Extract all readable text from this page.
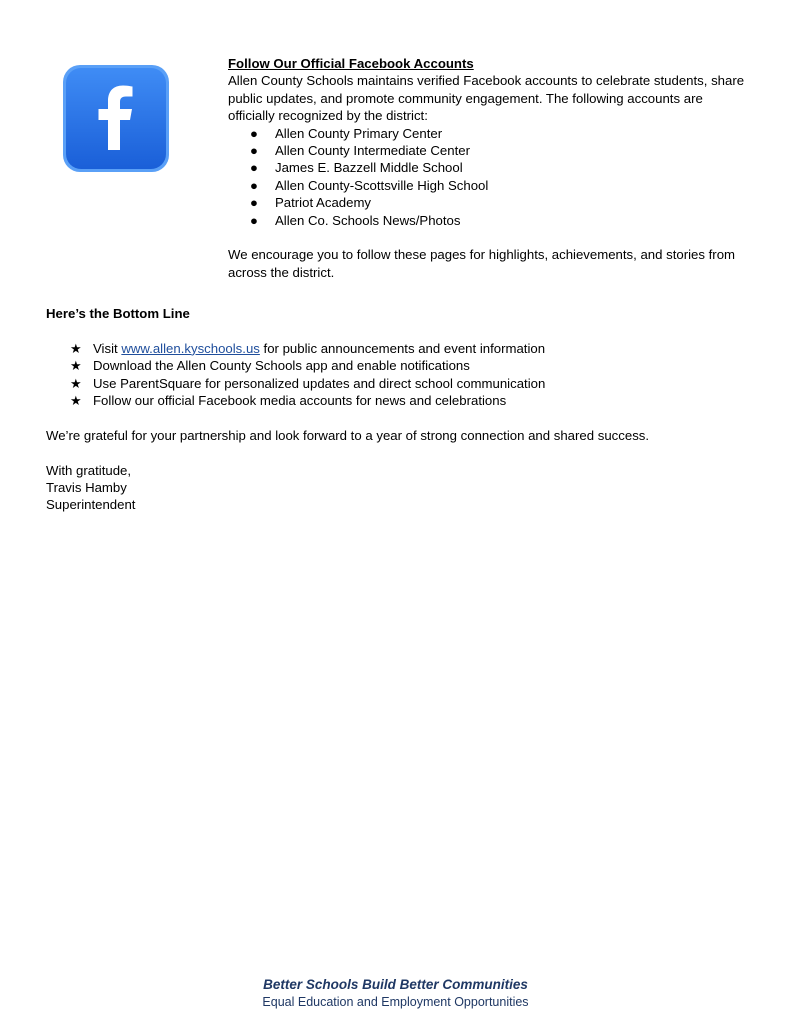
Follow Our Official Facebook Accounts

Allen County Schools maintains verified Facebook accounts to celebrate students, share public updates, and promote community engagement. The following accounts are officially recognized by the district:

●	Allen County Primary Center
●	Allen County Intermediate Center
●	James E. Bazzell Middle School
●	Allen County-Scottsville High School
●	Patriot Academy
●	Allen Co. Schools News/Photos

We encourage you to follow these pages for highlights, achievements, and stories from across the district.

Here’s the Bottom Line

★ Visit www.allen.kyschools.us for public announcements and event information
★ Download the Allen County Schools app and enable notifications
★ Use ParentSquare for personalized updates and direct school communication
★ Follow our official Facebook media accounts for news and celebrations

We’re grateful for your partnership and look forward to a year of strong connection and shared success.

With gratitude,
Travis Hamby
Superintendent
Better Schools Build Better Communities
Equal Education and Employment Opportunities
